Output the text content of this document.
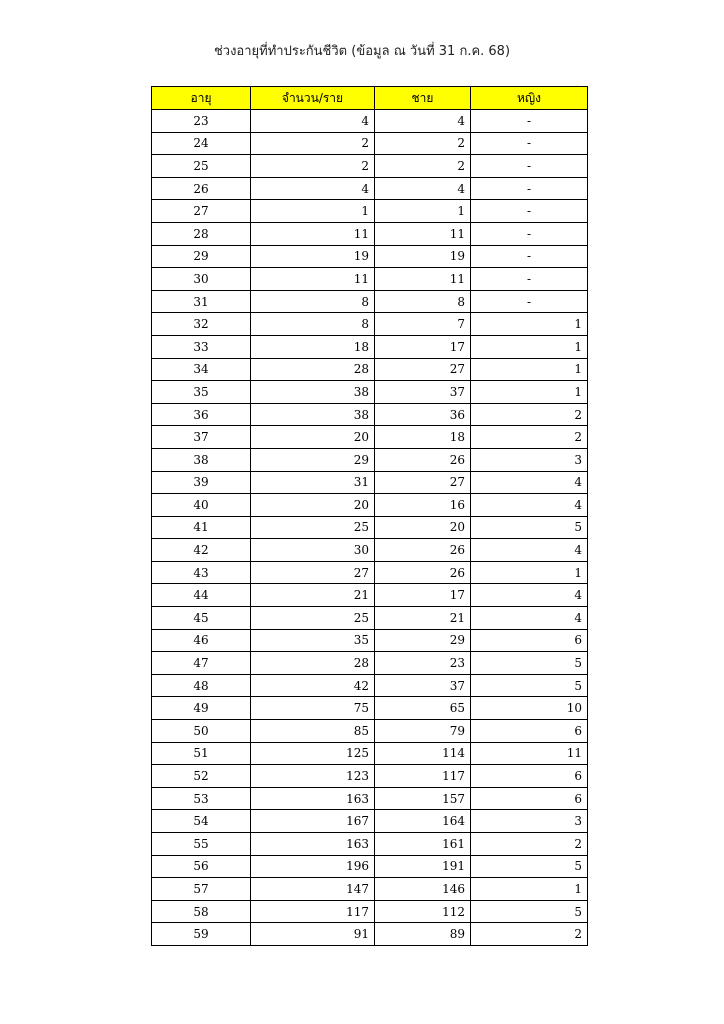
ช่วงอายุที่ทำประกันชีวิต (ข้อมูล ณ วันที่ 31 ก.ค. 68)
อายุ	จำนวน/ราย	ชาย	หญิง
23	4	4	-
24	2	2	-
25	2	2	-
26	4	4	-
27	1	1	-
28	11	11	-
29	19	19	-
30	11	11	-
31	8	8	-
32	8	7	1
33	18	17	1
34	28	27	1
35	38	37	1
36	38	36	2
37	20	18	2
38	29	26	3
39	31	27	4
40	20	16	4
41	25	20	5
42	30	26	4
43	27	26	1
44	21	17	4
45	25	21	4
46	35	29	6
47	28	23	5
48	42	37	5
49	75	65	10
50	85	79	6
51	125	114	11
52	123	117	6
53	163	157	6
54	167	164	3
55	163	161	2
56	196	191	5
57	147	146	1
58	117	112	5
59	91	89	2
